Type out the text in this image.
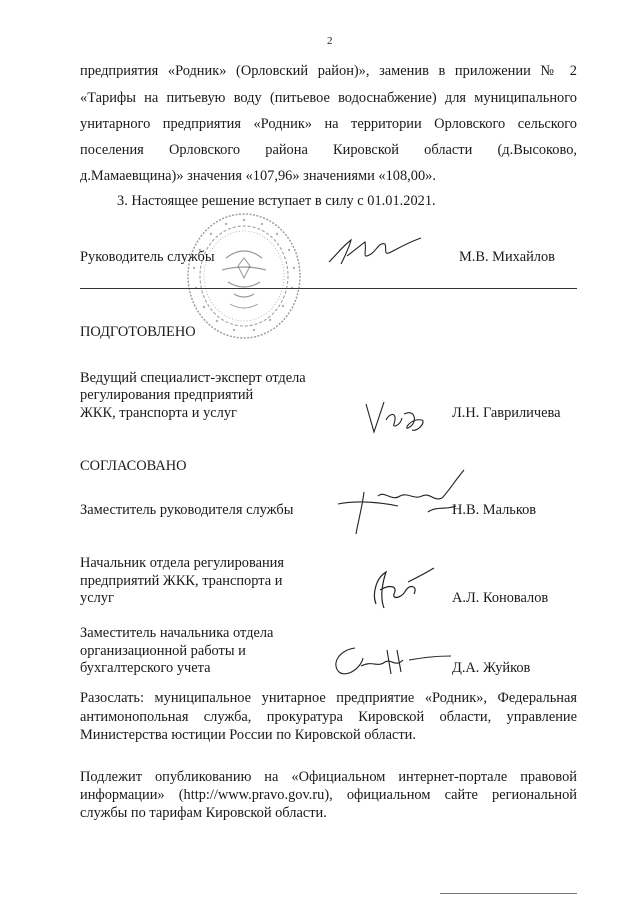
2
предприятия «Родник» (Орловский район)», заменив в приложении № 2
«Тарифы на питьевую воду (питьевое водоснабжение) для муниципального
унитарного предприятия «Родник» на территории Орловского сельского
поселения Орловского района Кировской области (д.Высоково,
д.Мамаевщина)» значения «107,96» значениями «108,00».
3. Настоящее решение вступает в силу с 01.01.2021.
Руководитель службы	М.В. Михайлов
ПОДГОТОВЛЕНО
Ведущий специалист-эксперт отдела
регулирования предприятий
ЖКК, транспорта и услуг	Л.Н. Гавриличева
СОГЛАСОВАНО
Заместитель руководителя службы	Н.В. Мальков
Начальник отдела регулирования
предприятий ЖКК, транспорта и
услуг	А.Л. Коновалов
Заместитель начальника отдела
организационной работы и
бухгалтерского учета	Д.А. Жуйков
Разослать: муниципальное унитарное предприятие «Родник», Федеральная
антимонопольная служба, прокуратура Кировской области, управление
Министерства юстиции России по Кировской области.
Подлежит опубликованию на «Официальном интернет-портале правовой
информации» (http://www.pravo.gov.ru), официальном сайте региональной
службы по тарифам Кировской области.
